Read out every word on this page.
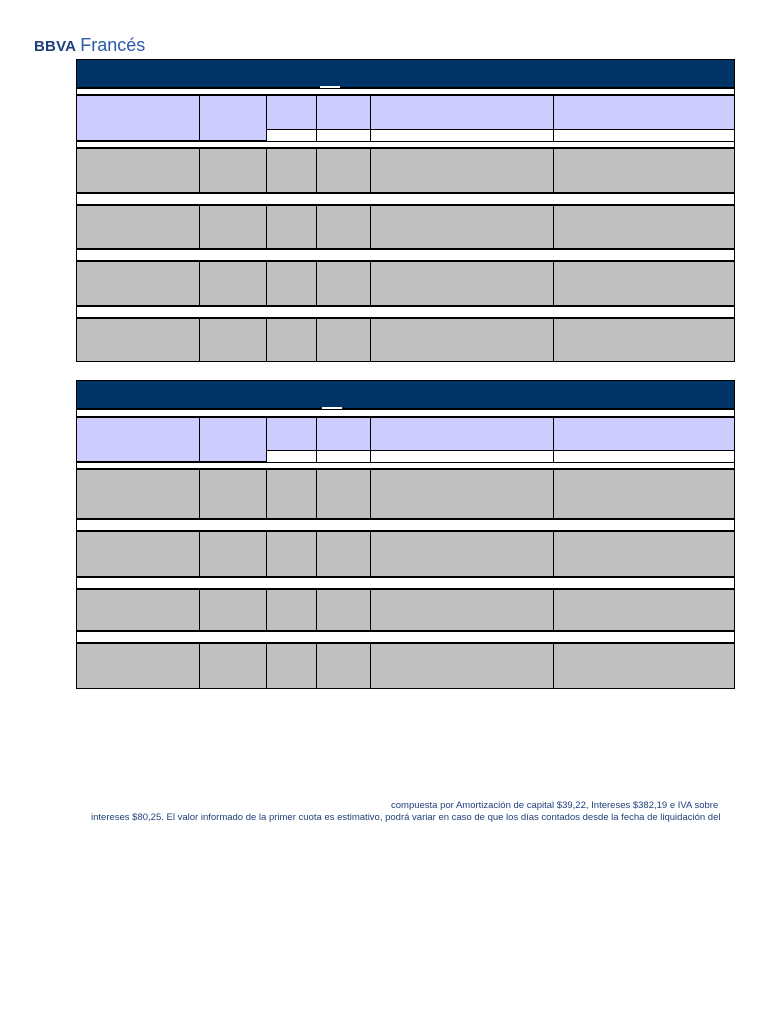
BBVA Francés
compuesta por Amortización de capital $39,22, Intereses $382,19 e IVA sobre
intereses $80,25. El valor informado de la primer cuota es estimativo, podrá variar en caso de que los días contados desde la fecha de liquidación del
